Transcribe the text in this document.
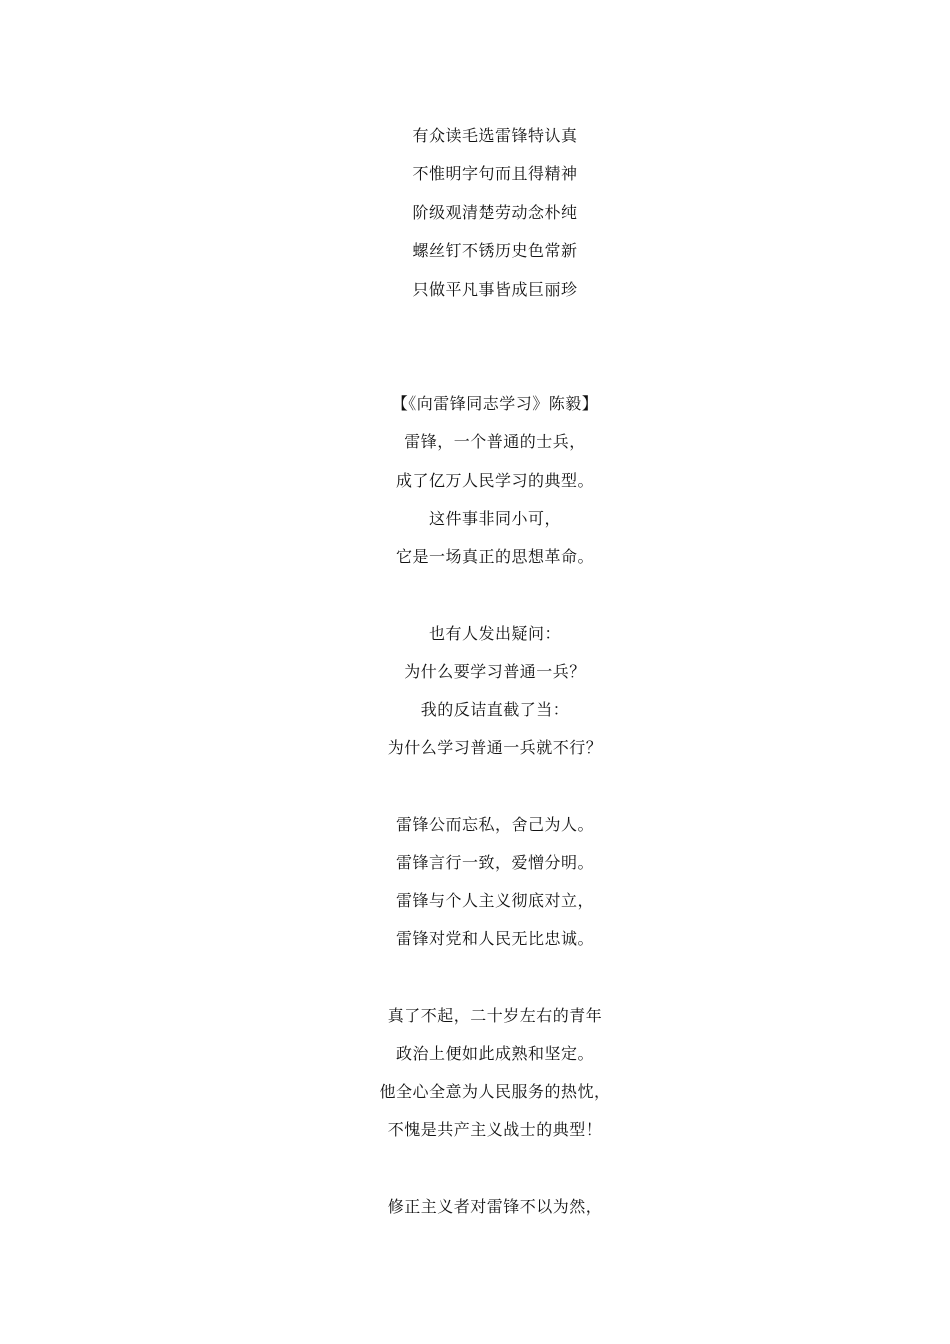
有众读毛选雷锋特认真
不惟明字句而且得精神
阶级观清楚劳动念朴纯
螺丝钉不锈历史色常新
只做平凡事皆成巨丽珍
【《向雷锋同志学习》陈毅】
雷锋，一个普通的士兵，
成了亿万人民学习的典型。
这件事非同小可，
它是一场真正的思想革命。
也有人发出疑问：
为什么要学习普通一兵？
我的反诘直截了当：
为什么学习普通一兵就不行？
雷锋公而忘私，舍己为人。
雷锋言行一致，爱憎分明。
雷锋与个人主义彻底对立，
雷锋对党和人民无比忠诚。
真了不起，二十岁左右的青年
政治上便如此成熟和坚定。
他全心全意为人民服务的热忱，
不愧是共产主义战士的典型！
修正主义者对雷锋不以为然，
